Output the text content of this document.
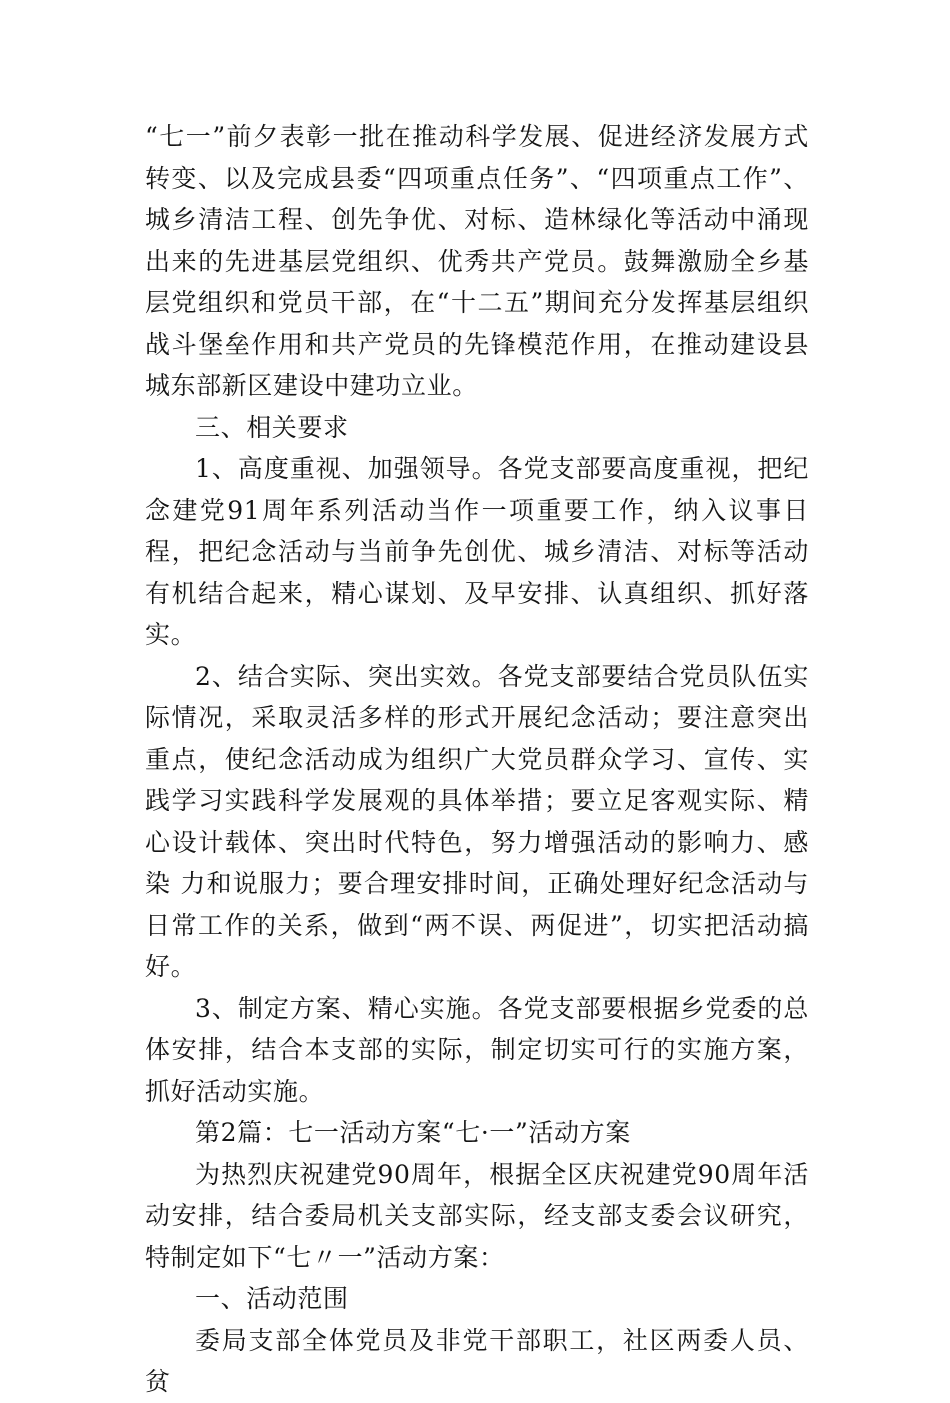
“七一”前夕表彰一批在推动科学发展、促进经济发展方式转变、以及完成县委“四项重点任务”、“四项重点工作”、城乡清洁工程、创先争优、对标、造林绿化等活动中涌现出来的先进基层党组织、优秀共产党员。鼓舞激励全乡基层党组织和党员干部，在“十二五”期间充分发挥基层组织战斗堡垒作用和共产党员的先锋模范作用，在推动建设县城东部新区建设中建功立业。

三、相关要求

1、高度重视、加强领导。各党支部要高度重视，把纪念建党91周年系列活动当作一项重要工作，纳入议事日程，把纪念活动与当前争先创优、城乡清洁、对标等活动有机结合起来，精心谋划、及早安排、认真组织、抓好落实。

2、结合实际、突出实效。各党支部要结合党员队伍实际情况，采取灵活多样的形式开展纪念活动；要注意突出重点，使纪念活动成为组织广大党员群众学习、宣传、实践学习实践科学发展观的具体举措；要立足客观实际、精心设计载体、突出时代特色，努力增强活动的影响力、感染 力和说服力；要合理安排时间，正确处理好纪念活动与日常工作的关系，做到“两不误、两促进”，切实把活动搞好。

3、制定方案、精心实施。各党支部要根据乡党委的总体安排，结合本支部的实际，制定切实可行的实施方案，抓好活动实施。

第2篇：七一活动方案“七·一”活动方案

为热烈庆祝建党90周年，根据全区庆祝建党90周年活动安排，结合委局机关支部实际，经支部支委会议研究，特制定如下“七〃一”活动方案：

一、活动范围

委局支部全体党员及非党干部职工，社区两委人员、贫
